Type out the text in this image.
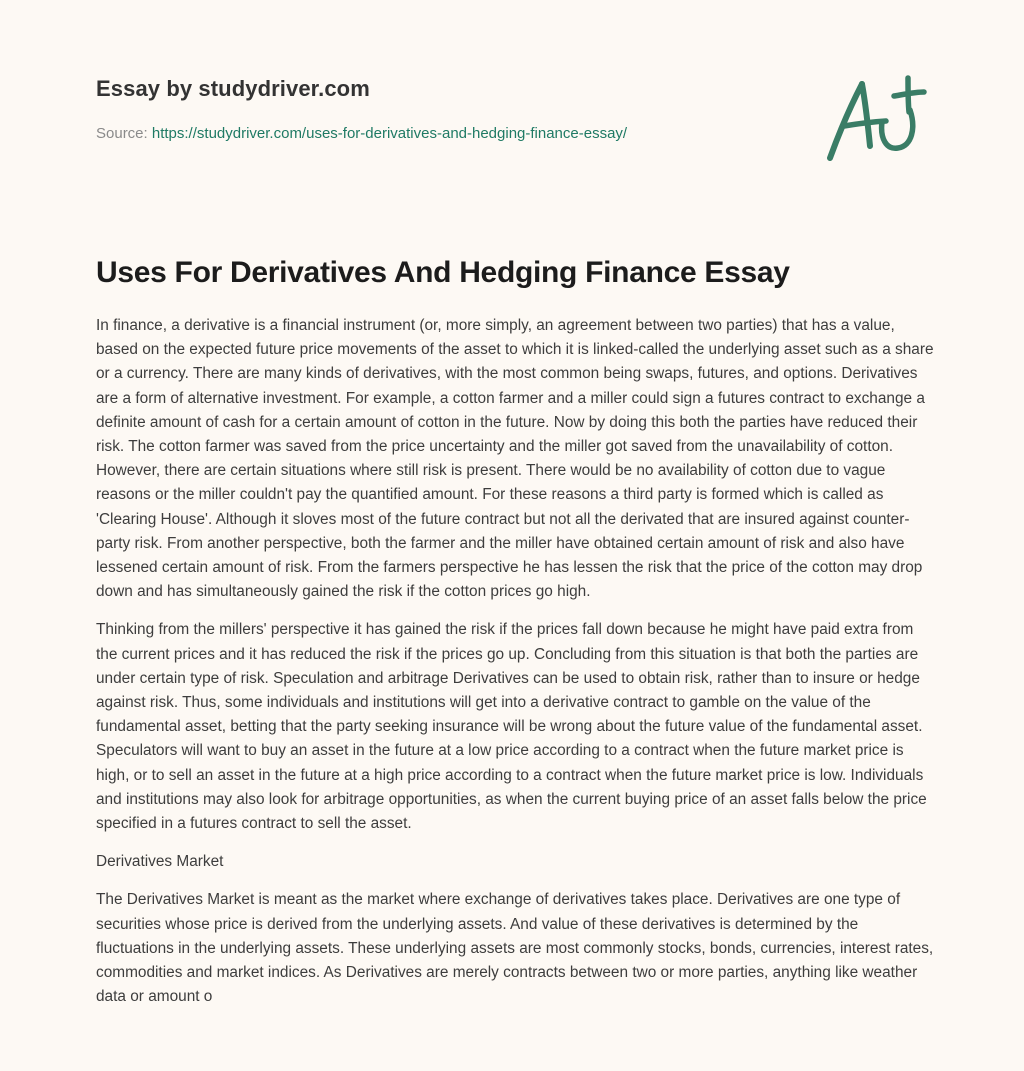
Essay by studydriver.com
Source: https://studydriver.com/uses-for-derivatives-and-hedging-finance-essay/
Uses For Derivatives And Hedging Finance Essay

In finance, a derivative is a financial instrument (or, more simply, an agreement between two parties) that has a value, based on the expected future price movements of the asset to which it is linked-called the underlying asset such as a share or a currency. There are many kinds of derivatives, with the most common being swaps, futures, and options. Derivatives are a form of alternative investment. For example, a cotton farmer and a miller could sign a futures contract to exchange a definite amount of cash for a certain amount of cotton in the future. Now by doing this both the parties have reduced their risk. The cotton farmer was saved from the price uncertainty and the miller got saved from the unavailability of cotton. However, there are certain situations where still risk is present. There would be no availability of cotton due to vague reasons or the miller couldn't pay the quantified amount. For these reasons a third party is formed which is called as 'Clearing House'. Although it sloves most of the future contract but not all the derivated that are insured against counter-party risk. From another perspective, both the farmer and the miller have obtained certain amount of risk and also have lessened certain amount of risk. From the farmers perspective he has lessen the risk that the price of the cotton may drop down and has simultaneously gained the risk if the cotton prices go high.

Thinking from the millers' perspective it has gained the risk if the prices fall down because he might have paid extra from the current prices and it has reduced the risk if the prices go up. Concluding from this situation is that both the parties are under certain type of risk. Speculation and arbitrage Derivatives can be used to obtain risk, rather than to insure or hedge against risk. Thus, some individuals and institutions will get into a derivative contract to gamble on the value of the fundamental asset, betting that the party seeking insurance will be wrong about the future value of the fundamental asset. Speculators will want to buy an asset in the future at a low price according to a contract when the future market price is high, or to sell an asset in the future at a high price according to a contract when the future market price is low. Individuals and institutions may also look for arbitrage opportunities, as when the current buying price of an asset falls below the price specified in a futures contract to sell the asset.

Derivatives Market

The Derivatives Market is meant as the market where exchange of derivatives takes place. Derivatives are one type of securities whose price is derived from the underlying assets. And value of these derivatives is determined by the fluctuations in the underlying assets. These underlying assets are most commonly stocks, bonds, currencies, interest rates, commodities and market indices. As Derivatives are merely contracts between two or more parties, anything like weather data or amount o
